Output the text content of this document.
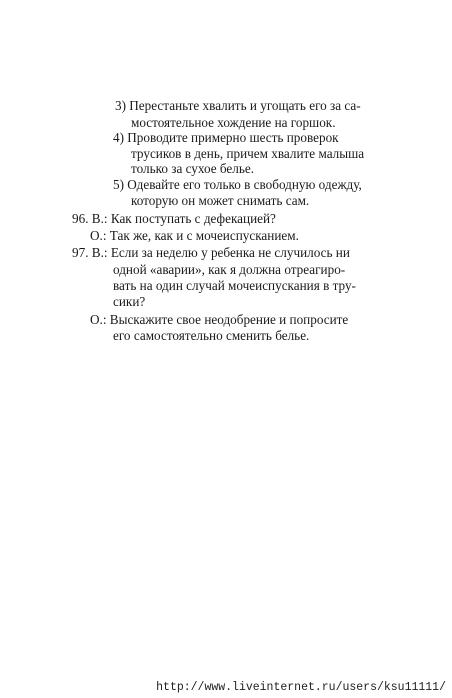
3) Перестаньте хвалить и угощать его за са-
мостоятельное хождение на горшок.
4) Проводите примерно шесть проверок
трусиков в день, причем хвалите малыша
только за сухое белье.
5) Одевайте его только в свободную одежду,
которую он может снимать сам.
96. В.: Как поступать с дефекацией?
О.: Так же, как и с мочеиспусканием.
97. В.: Если за неделю у ребенка не случилось ни
одной «аварии», как я должна отреагиро-
вать на один случай мочеиспускания в тру-
сики?
О.: Выскажите свое неодобрение и попросите
его самостоятельно сменить белье.
http://www.liveinternet.ru/users/ksu11111/
